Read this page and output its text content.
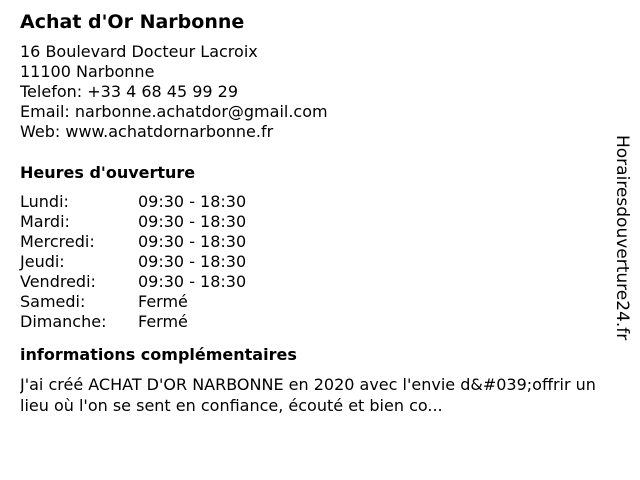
Achat d'Or Narbonne
16 Boulevard Docteur Lacroix
11100 Narbonne
Telefon: +33 4 68 45 99 29
Email: narbonne.achatdor@gmail.com
Web: www.achatdornarbonne.fr
Heures d'ouverture
Lundi:	09:30 - 18:30
Mardi:	09:30 - 18:30
Mercredi:	09:30 - 18:30
Jeudi:	09:30 - 18:30
Vendredi:	09:30 - 18:30
Samedi:	Fermé
Dimanche:	Fermé
informations complémentaires
J'ai créé ACHAT D'OR NARBONNE en 2020 avec l'envie d&#039;offrir un lieu où l'on se sent en confiance, écouté et bien co...
Horairesdouverture24.fr
